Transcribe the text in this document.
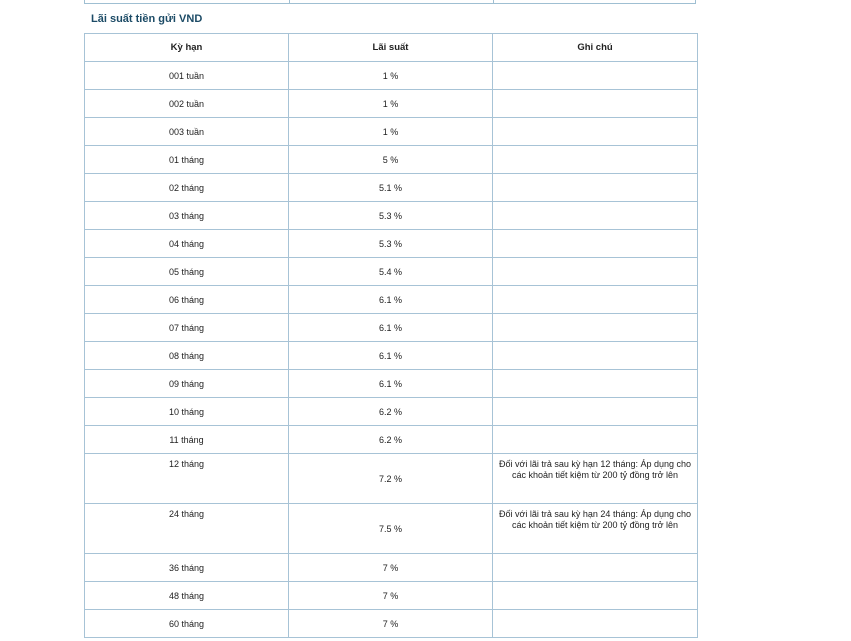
Lãi suất tiền gửi VND
Kỳ hạn	Lãi suất	Ghi chú
001 tuần	1 %	
002 tuần	1 %	
003 tuần	1 %	
01 tháng	5 %	
02 tháng	5.1 %	
03 tháng	5.3 %	
04 tháng	5.3 %	
05 tháng	5.4 %	
06 tháng	6.1 %	
07 tháng	6.1 %	
08 tháng	6.1 %	
09 tháng	6.1 %	
10 tháng	6.2 %	
11 tháng	6.2 %	
12 tháng	7.2 %	Đối với lãi trả sau kỳ hạn 12 tháng: Áp dụng cho các khoản tiết kiệm từ 200 tỷ đồng trở lên
24 tháng	7.5 %	Đối với lãi trả sau kỳ hạn 24 tháng: Áp dụng cho các khoản tiết kiệm từ 200 tỷ đồng trở lên
36 tháng	7 %	
48 tháng	7 %	
60 tháng	7 %	
